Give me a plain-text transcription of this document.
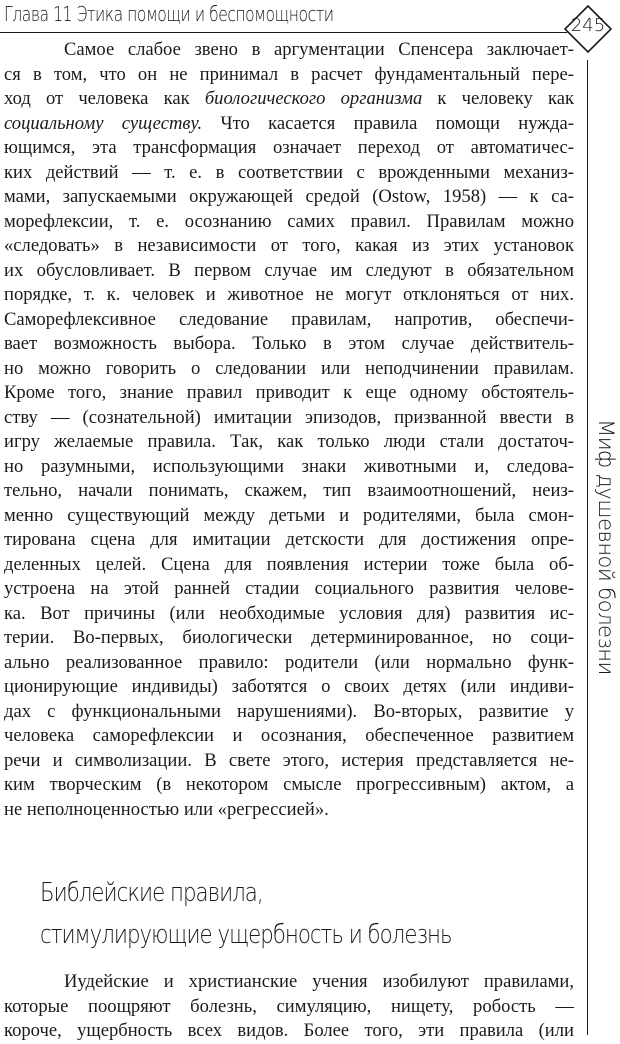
Глава 11 Этика помощи и беспомощности	245
Миф душевной болезни
Самое слабое звено в аргументации Спенсера заключает-
ся в том, что он не принимал в расчет фундаментальный пере-
ход от человека как биологического организма к человеку как
социальному существу. Что касается правила помощи нужда-
ющимся, эта трансформация означает переход от автоматичес-
ких действий — т. е. в соответствии с врожденными механиз-
мами, запускаемыми окружающей средой (Ostow, 1958) — к са-
морефлексии, т. е. осознанию самих правил. Правилам можно
«следовать» в независимости от того, какая из этих установок
их обусловливает. В первом случае им следуют в обязательном
порядке, т. к. человек и животное не могут отклоняться от них.
Саморефлексивное следование правилам, напротив, обеспечи-
вает возможность выбора. Только в этом случае действитель-
но можно говорить о следовании или неподчинении правилам.
Кроме того, знание правил приводит к еще одному обстоятель-
ству — (сознательной) имитации эпизодов, призванной ввести в
игру желаемые правила. Так, как только люди стали достаточ-
но разумными, использующими знаки животными и, следова-
тельно, начали понимать, скажем, тип взаимоотношений, неиз-
менно существующий между детьми и родителями, была смон-
тирована сцена для имитации детскости для достижения опре-
деленных целей. Сцена для появления истерии тоже была об-
устроена на этой ранней стадии социального развития челове-
ка. Вот причины (или необходимые условия для) развития ис-
терии. Во-первых, биологически детерминированное, но соци-
ально реализованное правило: родители (или нормально функ-
ционирующие индивиды) заботятся о своих детях (или индиви-
дах с функциональными нарушениями). Во-вторых, развитие у
человека саморефлексии и осознания, обеспеченное развитием
речи и символизации. В свете этого, истерия представляется не-
ким творческим (в некотором смысле прогрессивным) актом, а
не неполноценностью или «регрессией».
Библейские правила,
стимулирующие ущербность и болезнь
Иудейские и христианские учения изобилуют правилами,
которые поощряют болезнь, симуляцию, нищету, робость —
короче, ущербность всех видов. Более того, эти правила (или
